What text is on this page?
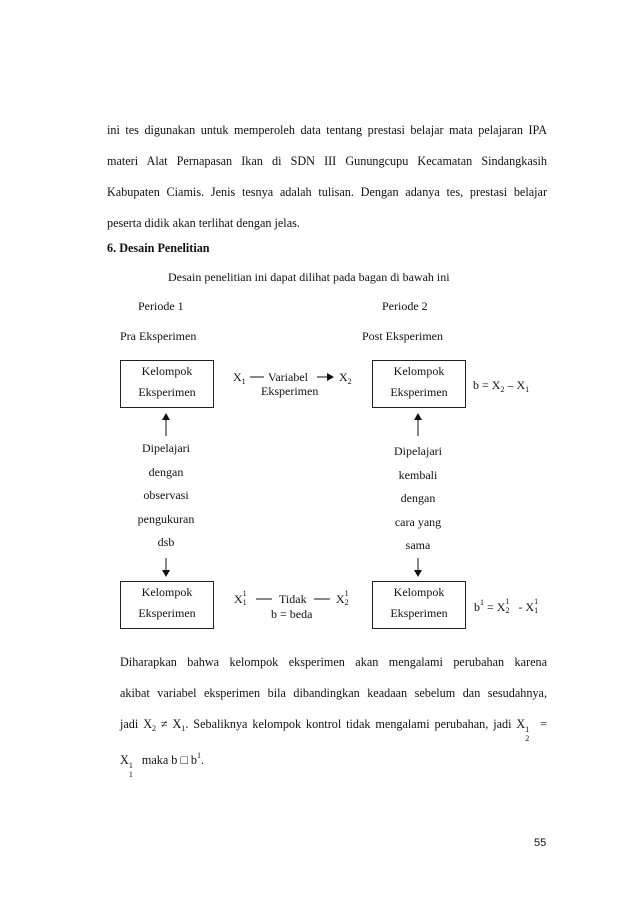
ini tes digunakan untuk memperoleh data tentang prestasi belajar mata pelajaran IPA
materi Alat Pernapasan Ikan di SDN III Gunungcupu Kecamatan Sindangkasih
Kabupaten Ciamis. Jenis tesnya adalah tulisan. Dengan adanya tes, prestasi belajar
peserta didik akan terlihat dengan jelas.
6. Desain Penelitian
Desain penelitian ini dapat dilihat pada bagan di bawah ini
Periode 1	Periode 2
Pra Eksperimen	Post Eksperimen
Kelompok
Eksperimen
Kelompok
Eksperimen
$X_1$ Variabel	$X_2$
Eksperimen	$b = X_2 - X_1$
Dipelajari
dengan
observasi
pengukuran
dsb
Dipelajari
kembali
dengan
cara yang
sama
Kelompok
Eksperimen
Kelompok
Eksperimen
X 1
1	Tidak X 1
2
b = beda	$b^1 = X$ 1
2 - X 1
1
Diharapkan bahwa kelompok eksperimen akan mengalami perubahan karena
akibat variabel eksperimen bila dibandingkan keadaan sebelum dan sesudahnya,
jadi $X_2 \ne X_1$. Sebaliknya kelompok kontrol tidak mengalami perubahan, jadi X 1
2
=
X 1
1
maka b □ $b^1$.
55
